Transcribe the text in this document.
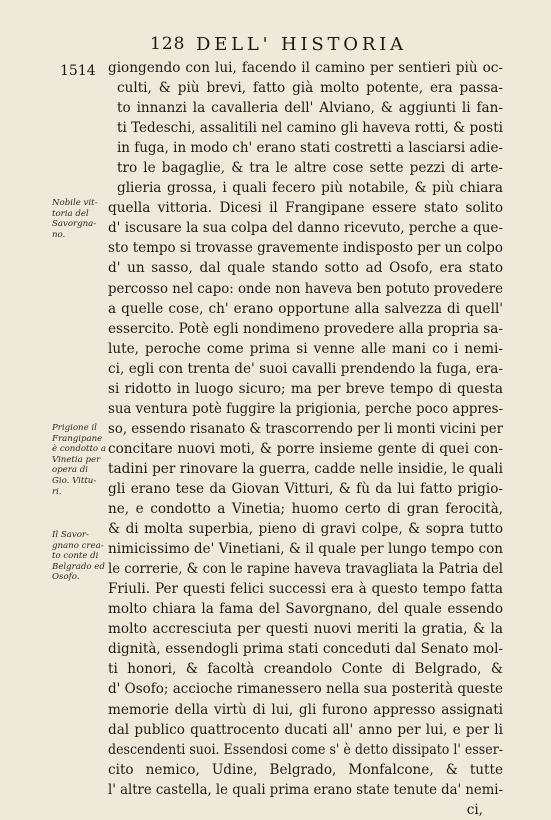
128 DELL' HISTORIA
1514
Nobile vit-
toria del
Savorgna-
no.
Prigione il
Frangipane
è condotto a
Vinetia per
opera di
Gio. Vittu-
ri.
Il Savor-
gnano crea-
to conte di
Belgrado ed
Osofo.
giongendo con lui, facendo il camino per sentieri più oc-
culti, & più brevi, fatto già molto potente, era passa-
to innanzi la cavalleria dell' Alviano, & aggiunti li fan-
ti Tedeschi, assalitili nel camino gli haveva rotti, & posti
in fuga, in modo ch' erano stati costretti a lasciarsi adie-
tro le bagaglie, & tra le altre cose sette pezzi di arte-
glieria grossa, i quali fecero più notabile, & più chiara
quella vittoria. Dicesi il Frangipane essere stato solito
d' iscusare la sua colpa del danno ricevuto, perche a que-
sto tempo si trovasse gravemente indisposto per un colpo
d' un sasso, dal quale stando sotto ad Osofo, era stato
percosso nel capo: onde non haveva ben potuto provedere
a quelle cose, ch' erano opportune alla salvezza di quell'
essercito. Potè egli nondimeno provedere alla propria sa-
lute, peroche come prima si venne alle mani co i nemi-
ci, egli con trenta de' suoi cavalli prendendo la fuga, era-
si ridotto in luogo sicuro; ma per breve tempo di questa
sua ventura potè fuggire la prigionia, perche poco appres-
so, essendo risanato & trascorrendo per li monti vicini per
concitare nuovi moti, & porre insieme gente di quei con-
tadini per rinovare la guerra, cadde nelle insidie, le quali
gli erano tese da Giovan Vitturi, & fù da lui fatto prigio-
ne, e condotto a Vinetia; huomo certo di gran ferocità,
& di molta superbia, pieno di gravi colpe, & sopra tutto
nimicissimo de' Vinetiani, & il quale per lungo tempo con
le correrie, & con le rapine haveva travagliata la Patria del
Friuli. Per questi felici successi era à questo tempo fatta
molto chiara la fama del Savorgnano, del quale essendo
molto accresciuta per questi nuovi meriti la gratia, & la
dignità, essendogli prima stati conceduti dal Senato mol-
ti honori, & facoltà creandolo Conte di Belgrado, &
d' Osofo; accioche rimanessero nella sua posterità queste
memorie della virtù di lui, gli furono appresso assignati
dal publico quattrocento ducati all' anno per lui, e per li
descendenti suoi. Essendosi come s' è detto dissipato l' esser-
cito nemico, Udine, Belgrado, Monfalcone, & tutte
l' altre castella, le quali prima erano state tenute da' nemi-
ci,
